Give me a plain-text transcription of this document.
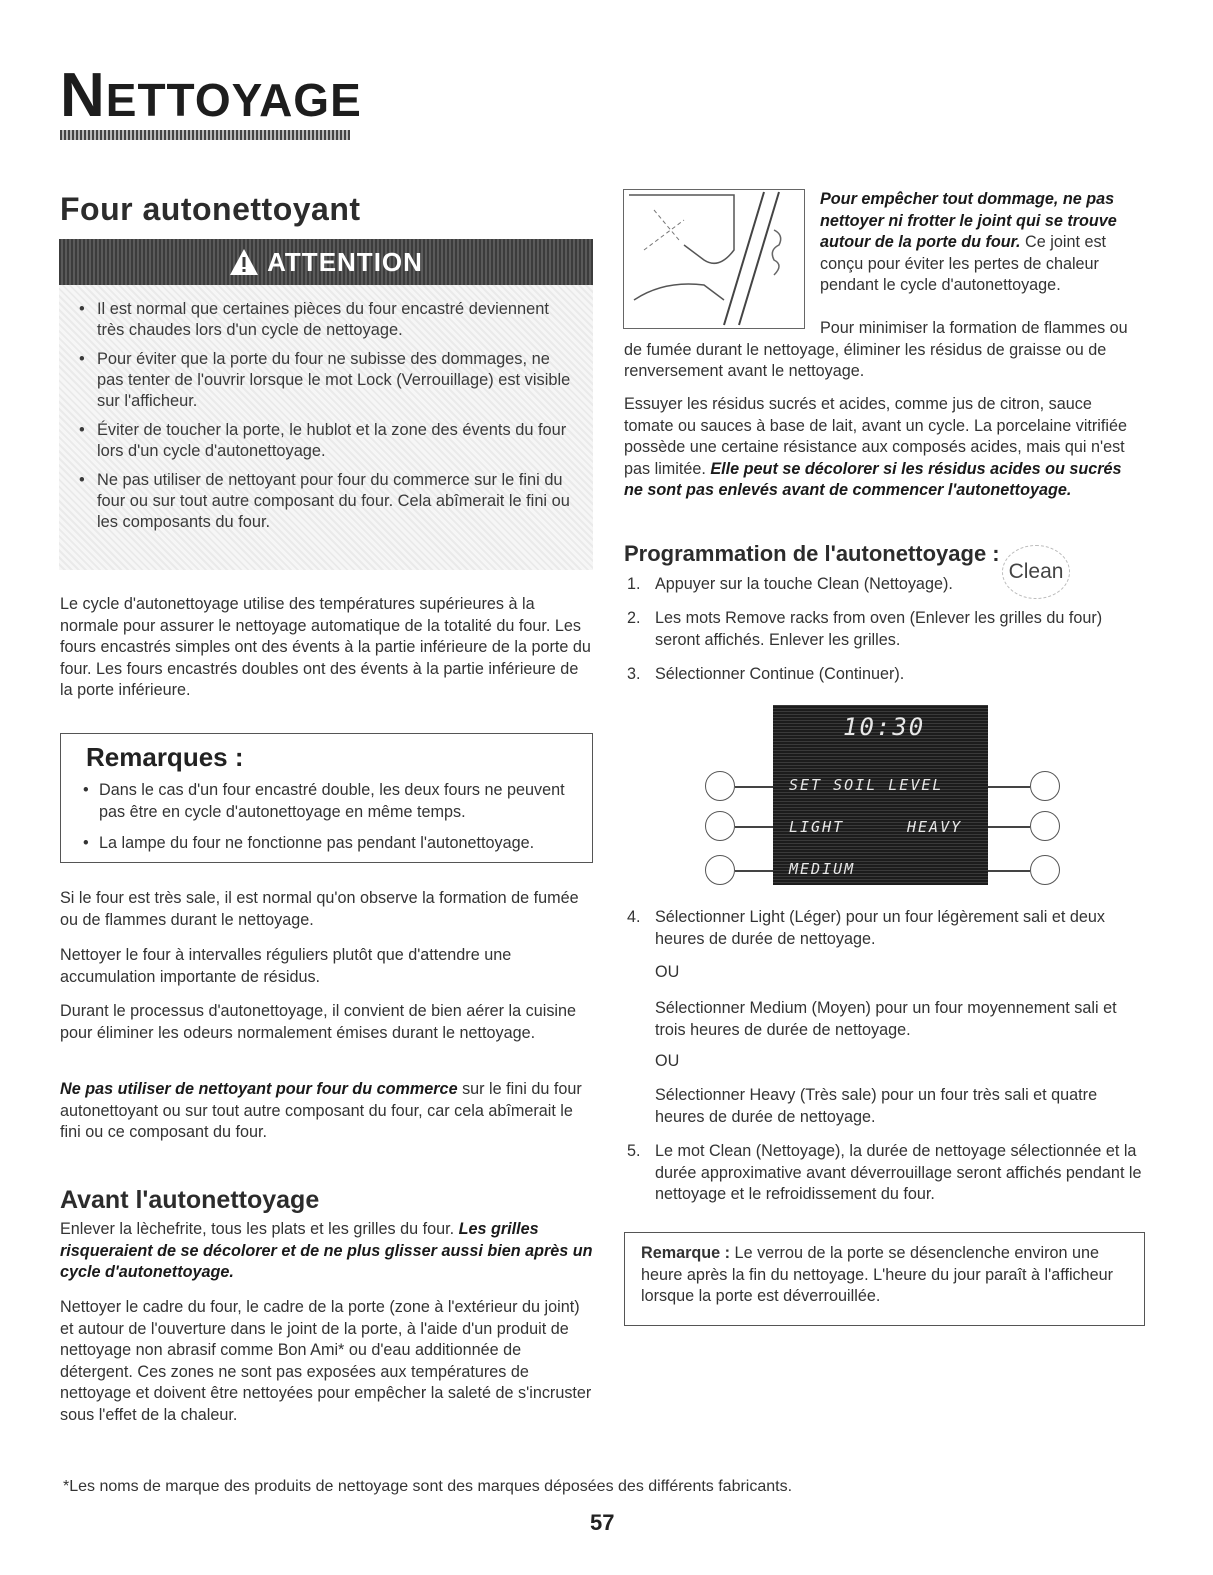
NETTOYAGE
Four autonettoyant
ATTENTION
• Il est normal que certaines pièces du four encastré deviennent très chaudes lors d'un cycle de nettoyage.
• Pour éviter que la porte du four ne subisse des dommages, ne pas tenter de l'ouvrir lorsque le mot Lock (Verrouillage) est visible sur l'afficheur.
• Éviter de toucher la porte, le hublot et la zone des évents du four lors d'un cycle d'autonettoyage.
• Ne pas utiliser de nettoyant pour four du commerce sur le fini du four ou sur tout autre composant du four. Cela abîmerait le fini ou les composants du four.

Le cycle d'autonettoyage utilise des températures supérieures à la normale pour assurer le nettoyage automatique de la totalité du four. Les fours encastrés simples ont des évents à la partie inférieure de la porte du four. Les fours encastrés doubles ont des évents à la partie inférieure de la porte inférieure.

Remarques :
• Dans le cas d'un four encastré double, les deux fours ne peuvent pas être en cycle d'autonettoyage en même temps.
• La lampe du four ne fonctionne pas pendant l'autonettoyage.

Si le four est très sale, il est normal qu'on observe la formation de fumée ou de flammes durant le nettoyage.

Nettoyer le four à intervalles réguliers plutôt que d'attendre une accumulation importante de résidus.

Durant le processus d'autonettoyage, il convient de bien aérer la cuisine pour éliminer les odeurs normalement émises durant le nettoyage.

Ne pas utiliser de nettoyant pour four du commerce sur le fini du four autonettoyant ou sur tout autre composant du four, car cela abîmerait le fini ou ce composant du four.

Avant l'autonettoyage

Enlever la lèchefrite, tous les plats et les grilles du four. Les grilles risqueraient de se décolorer et de ne plus glisser aussi bien après un cycle d'autonettoyage.

Nettoyer le cadre du four, le cadre de la porte (zone à l'extérieur du joint) et autour de l'ouverture dans le joint de la porte, à l'aide d'un produit de nettoyage non abrasif comme Bon Ami* ou d'eau additionnée de détergent. Ces zones ne sont pas exposées aux températures de nettoyage et doivent être nettoyées pour empêcher la saleté de s'incruster sous l'effet de la chaleur.

Pour empêcher tout dommage, ne pas nettoyer ni frotter le joint qui se trouve autour de la porte du four. Ce joint est conçu pour éviter les pertes de chaleur pendant le cycle d'autonettoyage.

Pour minimiser la formation de flammes ou de fumée durant le nettoyage, éliminer les résidus de graisse ou de renversement avant le nettoyage.

Essuyer les résidus sucrés et acides, comme jus de citron, sauce tomate ou sauces à base de lait, avant un cycle. La porcelaine vitrifiée possède une certaine résistance aux composés acides, mais qui n'est pas limitée. Elle peut se décolorer si les résidus acides ou sucrés ne sont pas enlevés avant de commencer l'autonettoyage.

Programmation de l'autonettoyage :
Clean
1. Appuyer sur la touche Clean (Nettoyage).
2. Les mots Remove racks from oven (Enlever les grilles du four) seront affichés. Enlever les grilles.
3. Sélectionner Continue (Continuer).
10:30
SET SOIL LEVEL
LIGHT	HEAVY
MEDIUM
4. Sélectionner Light (Léger) pour un four légèrement sali et deux heures de durée de nettoyage.

OU

Sélectionner Medium (Moyen) pour un four moyennement sali et trois heures de durée de nettoyage.

OU

Sélectionner Heavy (Très sale) pour un four très sali et quatre heures de durée de nettoyage.

5. Le mot Clean (Nettoyage), la durée de nettoyage sélectionnée et la durée approximative avant déverrouillage seront affichés pendant le nettoyage et le refroidissement du four.

Remarque : Le verrou de la porte se désenclenche environ une heure après la fin du nettoyage. L'heure du jour paraît à l'afficheur lorsque la porte est déverrouillée.

*Les noms de marque des produits de nettoyage sont des marques déposées des différents fabricants.
57
